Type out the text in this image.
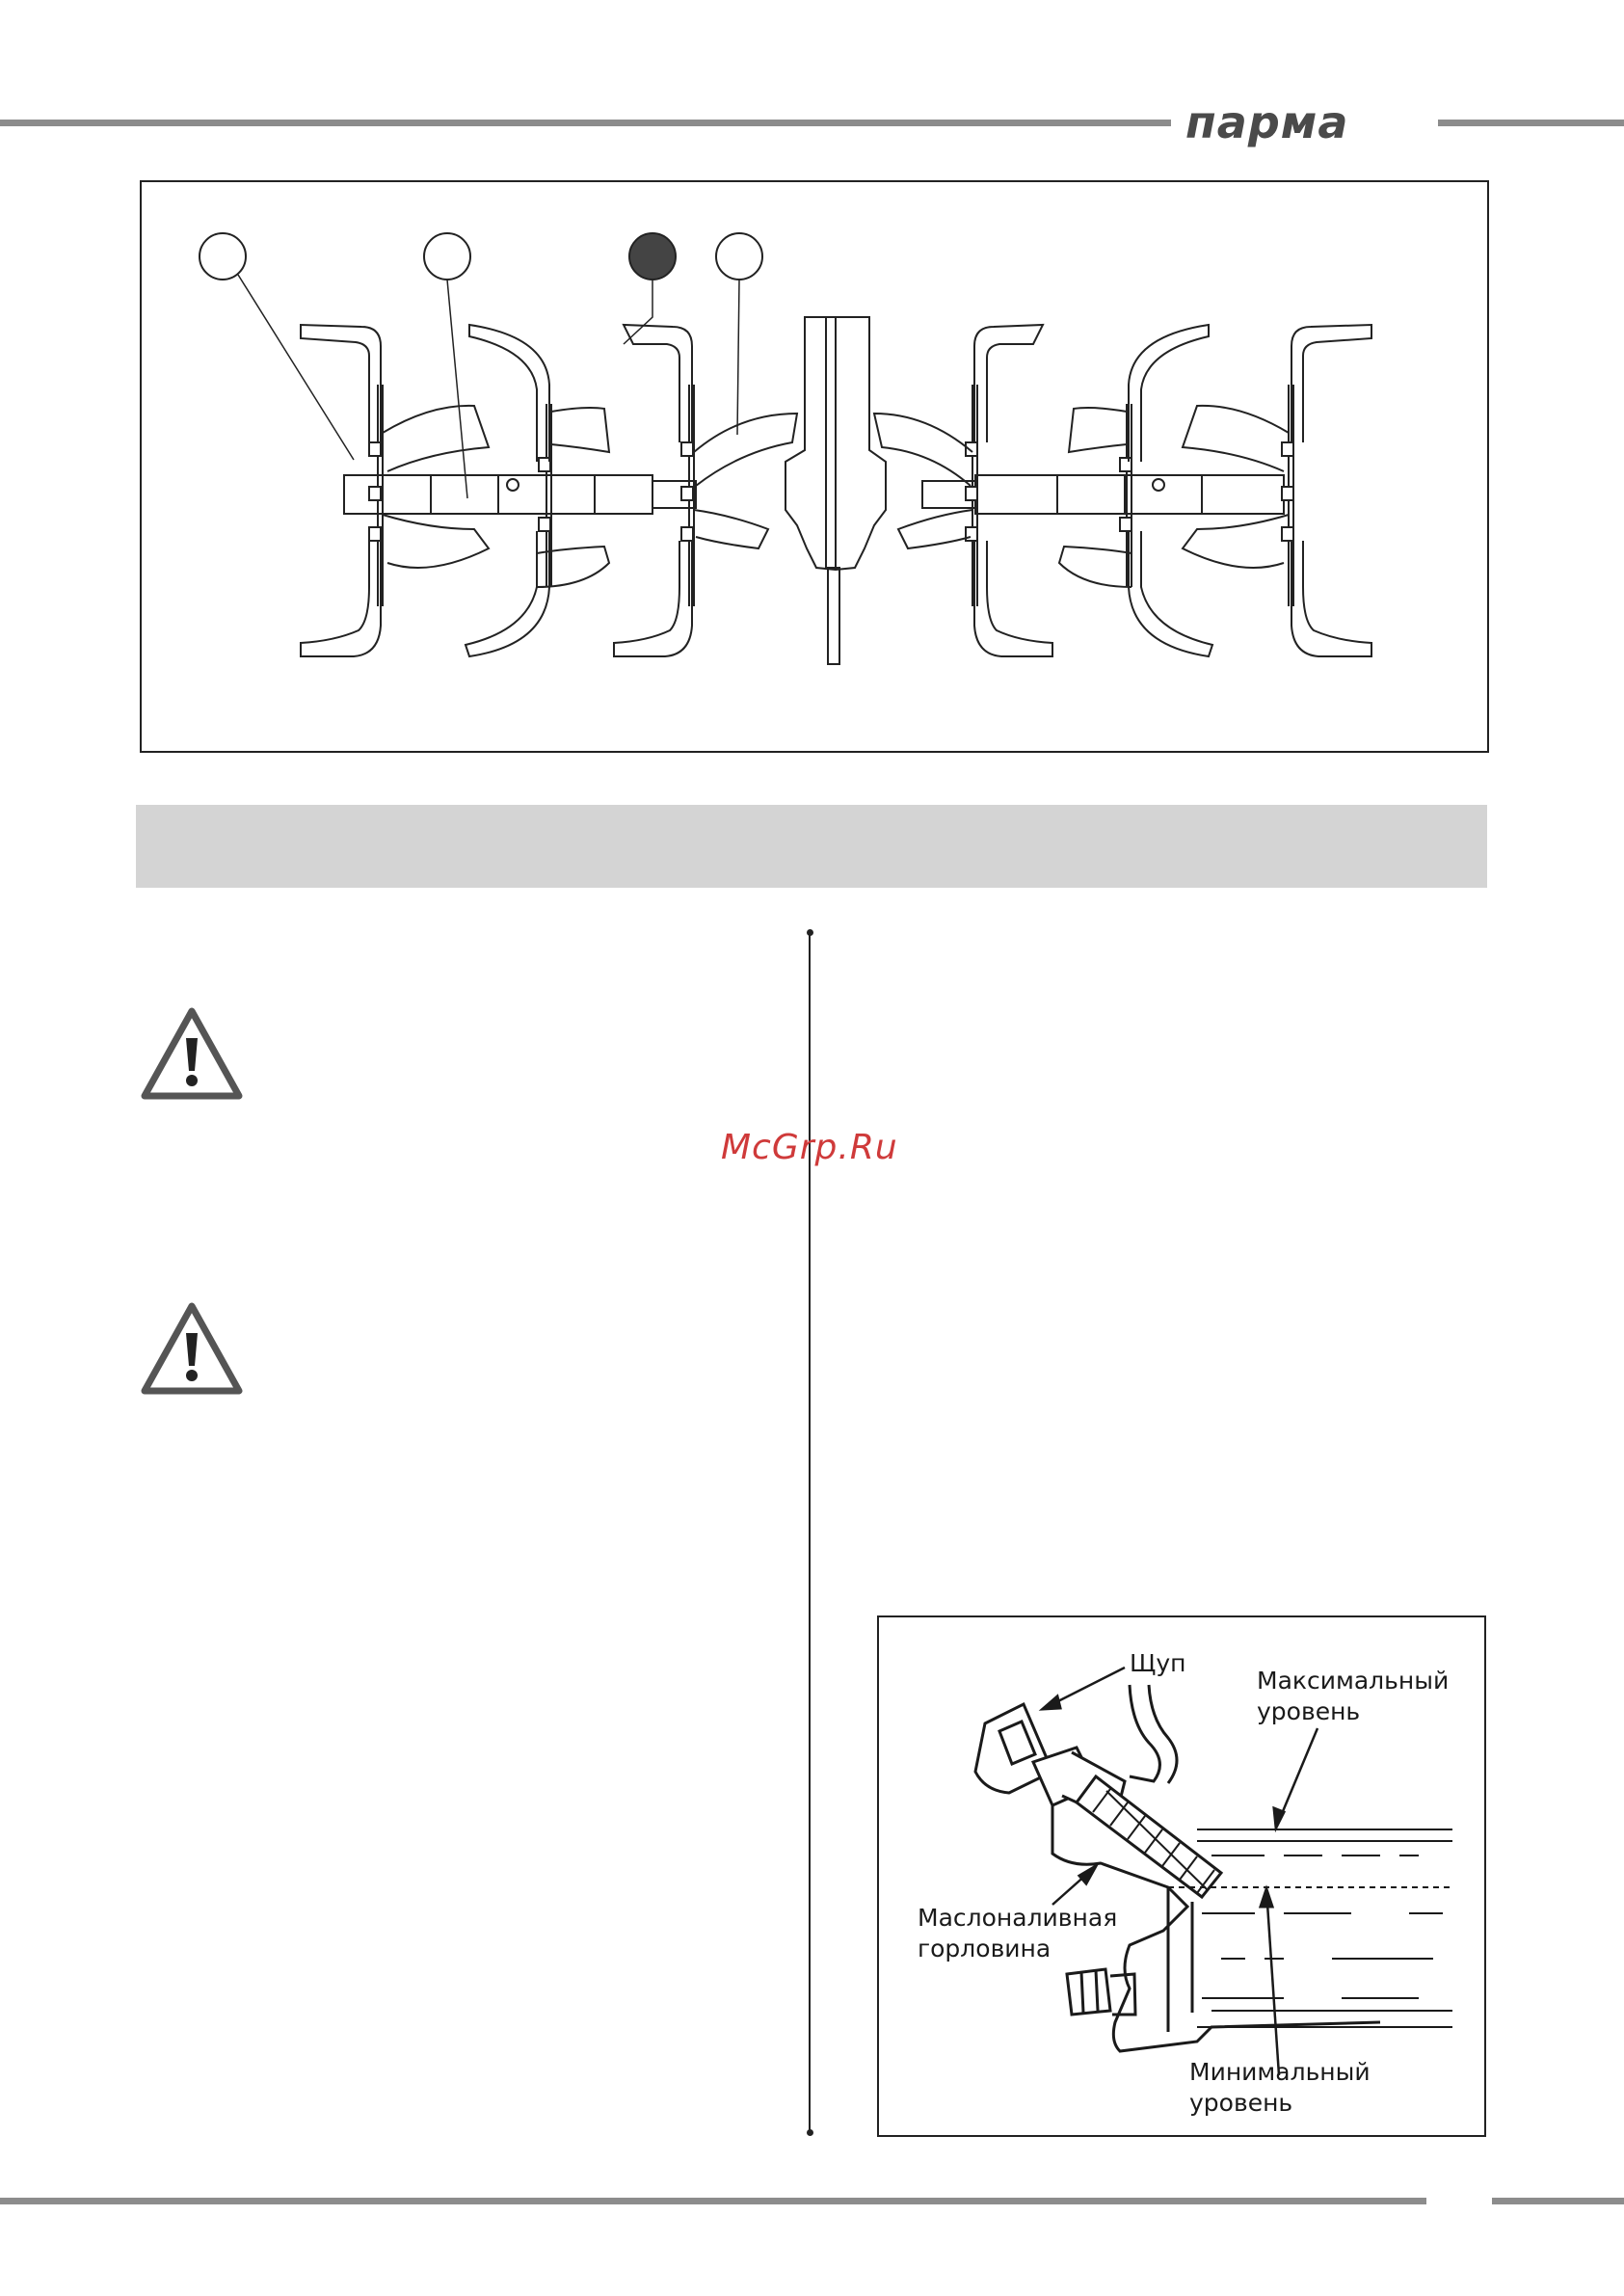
парма
McGrp.Ru
Щуп
Максимальный
уровень
Маслоналивная
горловина
Минимальный
уровень
